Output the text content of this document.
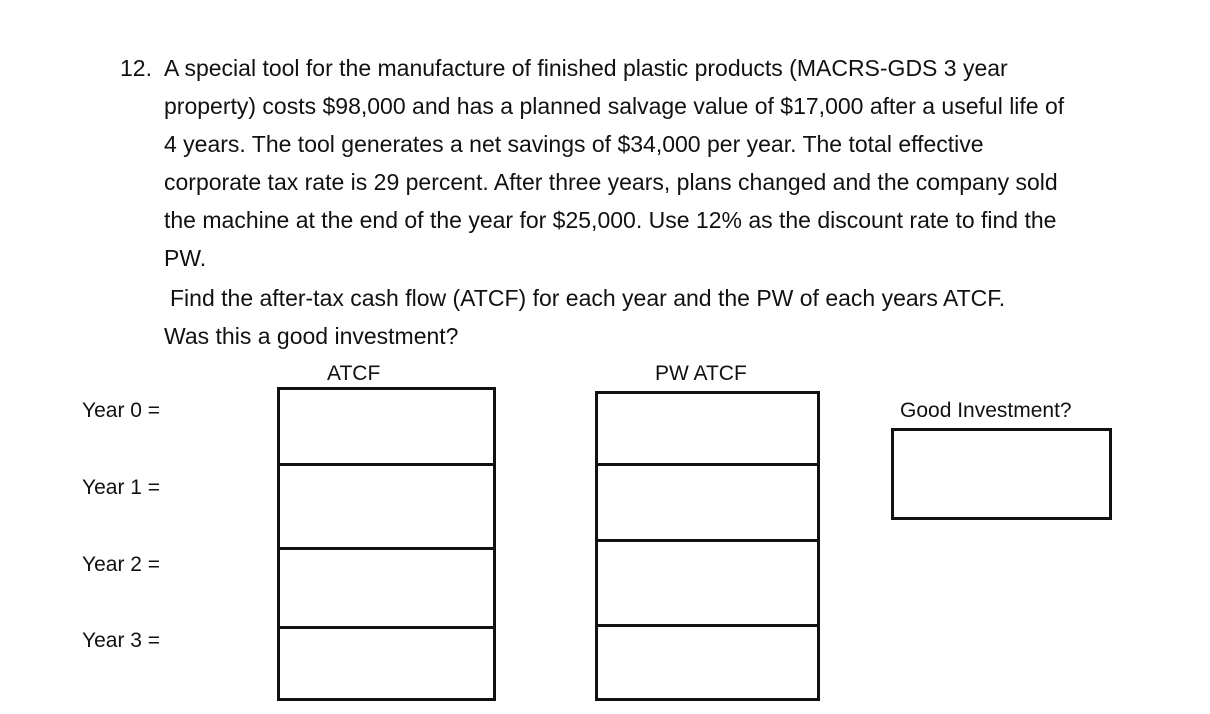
12. A special tool for the manufacture of finished plastic products (MACRS-GDS 3 year
property) costs $98,000 and has a planned salvage value of $17,000 after a useful life of
4 years. The tool generates a net savings of $34,000 per year. The total effective
corporate tax rate is 29 percent. After three years, plans changed and the company sold
the machine at the end of the year for $25,000. Use 12% as the discount rate to find the
PW.
Find the after-tax cash flow (ATCF) for each year and the PW of each years ATCF.
Was this a good investment?
ATCF	PW ATCF
Good Investment?
Year 0 =
Year 1 =
Year 2 =
Year 3 =
